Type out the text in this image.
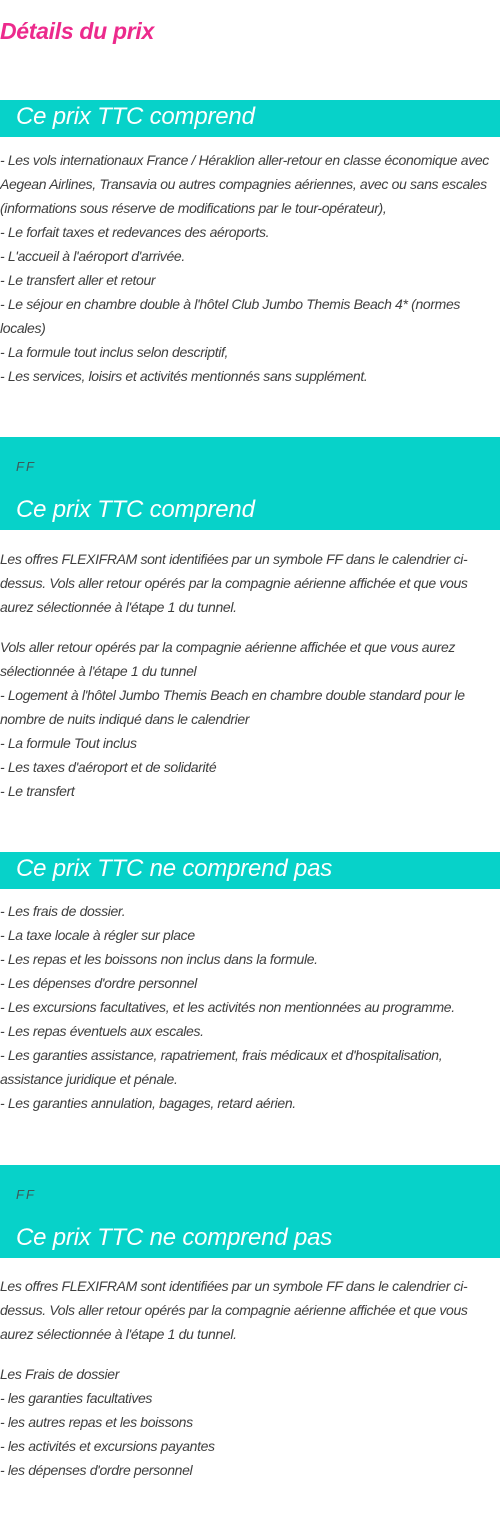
Détails du prix
Ce prix TTC comprend

- Les vols internationaux France / Héraklion aller-retour en classe économique avec Aegean Airlines, Transavia ou autres compagnies aériennes, avec ou sans escales (informations sous réserve de modifications par le tour-opérateur),
- Le forfait taxes et redevances des aéroports.
- L'accueil à l'aéroport d'arrivée.
- Le transfert aller et retour
- Le séjour en chambre double à l'hôtel Club Jumbo Themis Beach 4* (normes locales)
- La formule tout inclus selon descriptif,
- Les services, loisirs et activités mentionnés sans supplément.

FF
Ce prix TTC comprend

Les offres FLEXIFRAM sont identifiées par un symbole FF dans le calendrier ci-dessus. Vols aller retour opérés par la compagnie aérienne affichée et que vous aurez sélectionnée à l'étape 1 du tunnel.

Vols aller retour opérés par la compagnie aérienne affichée et que vous aurez sélectionnée à l'étape 1 du tunnel
- Logement à l'hôtel Jumbo Themis Beach en chambre double standard pour le nombre de nuits indiqué dans le calendrier
- La formule Tout inclus
- Les taxes d'aéroport et de solidarité
- Le transfert

Ce prix TTC ne comprend pas

- Les frais de dossier.
- La taxe locale à régler sur place
- Les repas et les boissons non inclus dans la formule.
- Les dépenses d'ordre personnel
- Les excursions facultatives, et les activités non mentionnées au programme.
- Les repas éventuels aux escales.
- Les garanties assistance, rapatriement, frais médicaux et d'hospitalisation, assistance juridique et pénale.
- Les garanties annulation, bagages, retard aérien.

FF
Ce prix TTC ne comprend pas

Les offres FLEXIFRAM sont identifiées par un symbole FF dans le calendrier ci-dessus. Vols aller retour opérés par la compagnie aérienne affichée et que vous aurez sélectionnée à l'étape 1 du tunnel.

Les Frais de dossier
- les garanties facultatives
- les autres repas et les boissons
- les activités et excursions payantes
- les dépenses d'ordre personnel
